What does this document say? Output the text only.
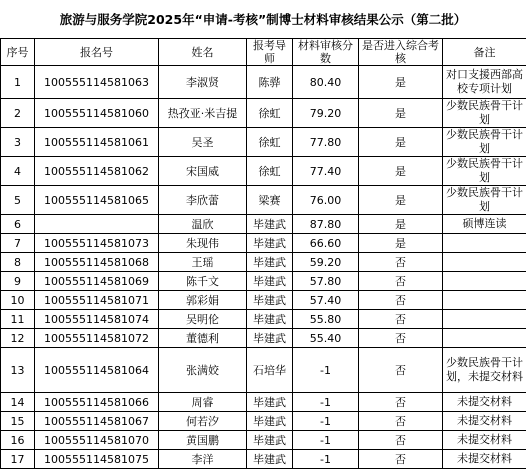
旅游与服务学院2025年“申请-考核”制博士材料审核结果公示（第二批）
序号	报名号	姓名	报考导师	材料审核分数	是否进入综合考核	备注
1	100555114581063	李淑贤	陈骅	80.40	是	对口支援西部高校专项计划
2	100555114581060	热孜亚·米吉提	徐虹	79.20	是	少数民族骨干计划
3	100555114581061	吴圣	徐虹	77.80	是	少数民族骨干计划
4	100555114581062	宋国威	徐虹	77.40	是	少数民族骨干计划
5	100555114581065	李欣蕾	梁赛	76.00	是	少数民族骨干计划
6		温欣	毕建武	87.80	是	硕博连读
7	100555114581073	朱现伟	毕建武	66.60	是	
8	100555114581068	王瑶	毕建武	59.20	否	
9	100555114581069	陈千文	毕建武	57.80	否	
10	100555114581071	郭彩娟	毕建武	57.40	否	
11	100555114581074	吴明伦	毕建武	55.80	否	
12	100555114581072	董德利	毕建武	55.40	否	
13	100555114581064	张满姣	石培华	-1	否	少数民族骨干计划，未提交材料
14	100555114581066	周睿	毕建武	-1	否	未提交材料
15	100555114581067	何若汐	毕建武	-1	否	未提交材料
16	100555114581070	黄国鹏	毕建武	-1	否	未提交材料
17	100555114581075	李洋	毕建武	-1	否	未提交材料
